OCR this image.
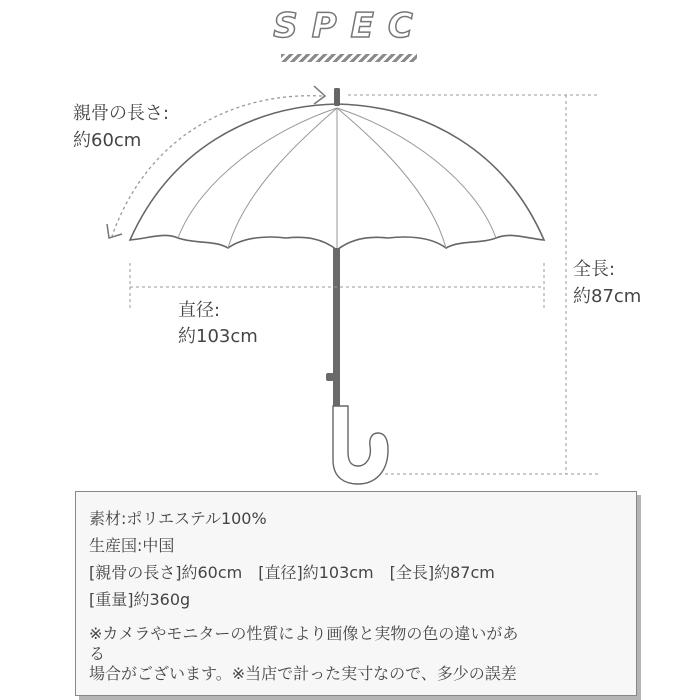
SPEC
親骨の長さ:
約60cm
直径:
約103cm
全長:
約87cm
素材:ポリエステル100%
生産国:中国
[親骨の長さ]約60cm　[直径]約103cm　[全長]約87cm
[重量]約360g
※カメラやモニターの性質により画像と実物の色の違いがあ
る
場合がございます。※当店で計った実寸なので、多少の誤差
